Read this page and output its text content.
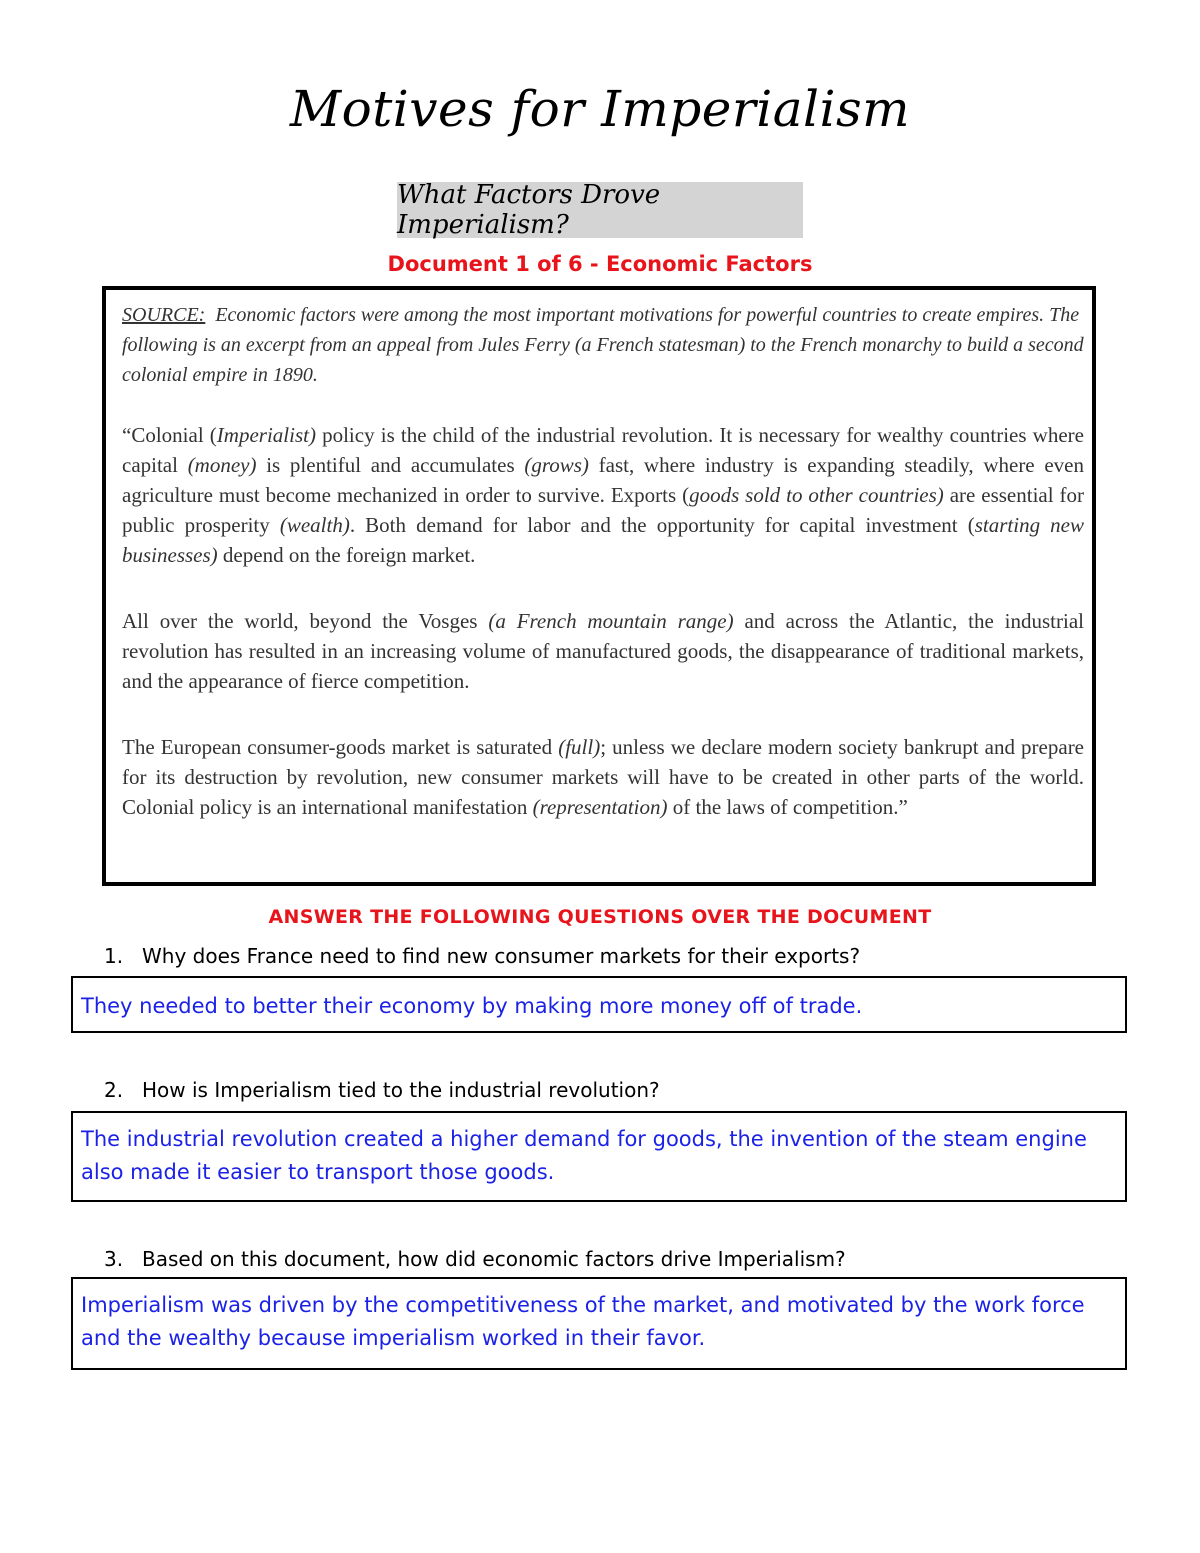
Motives for Imperialism
What Factors Drove Imperialism?
Document 1 of 6 - Economic Factors

SOURCE: Economic factors were among the most important motivations for powerful countries to create empires. The following is an excerpt from an appeal from Jules Ferry (a French statesman) to the French monarchy to build a second colonial empire in 1890.

“Colonial (Imperialist) policy is the child of the industrial revolution. It is necessary for wealthy countries where capital (money) is plentiful and accumulates (grows) fast, where industry is expanding steadily, where even agriculture must become mechanized in order to survive. Exports (goods sold to other countries) are essential for public prosperity (wealth). Both demand for labor and the opportunity for capital investment (starting new businesses) depend on the foreign market.

All over the world, beyond the Vosges (a French mountain range) and across the Atlantic, the industrial revolution has resulted in an increasing volume of manufactured goods, the disappearance of traditional markets, and the appearance of fierce competition.

The European consumer-goods market is saturated (full); unless we declare modern society bankrupt and prepare for its destruction by revolution, new consumer markets will have to be created in other parts of the world. Colonial policy is an international manifestation (representation) of the laws of competition.”

ANSWER THE FOLLOWING QUESTIONS OVER THE DOCUMENT
1. Why does France need to find new consumer markets for their exports?
They needed to better their economy by making more money off of trade.
2. How is Imperialism tied to the industrial revolution?
The industrial revolution created a higher demand for goods, the invention of the steam engine also made it easier to transport those goods.
3. Based on this document, how did economic factors drive Imperialism?
Imperialism was driven by the competitiveness of the market, and motivated by the work force and the wealthy because imperialism worked in their favor.
